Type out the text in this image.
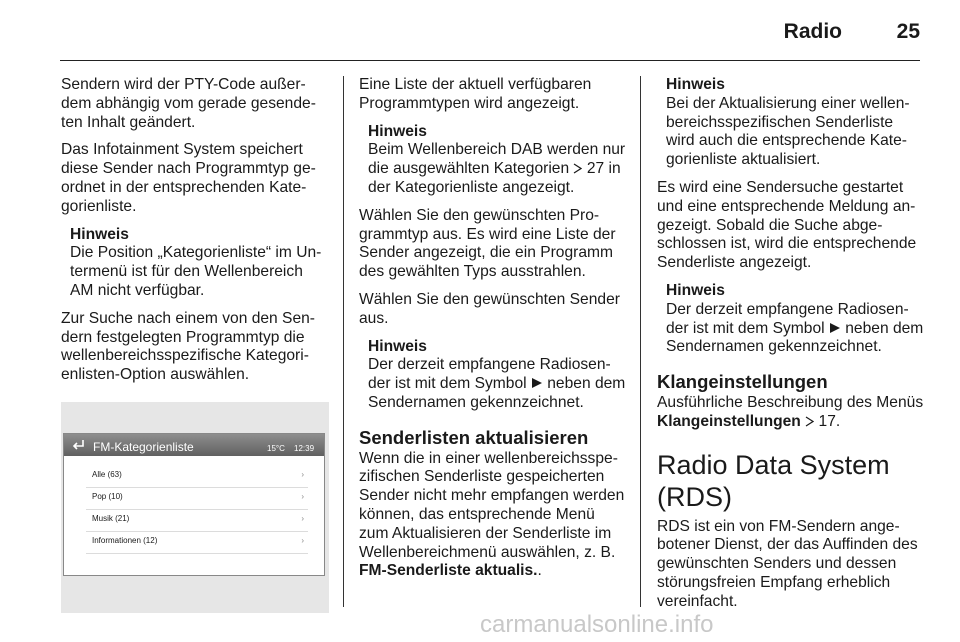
Radio	25

Sendern wird der PTY-Code außerdem abhängig vom gerade gesendeten Inhalt geändert.

Das Infotainment System speichert diese Sender nach Programmtyp geordnet in der entsprechenden Kategorienliste.

Hinweis
Die Position „Kategorienliste“ im Untermenü ist für den Wellenbereich AM nicht verfügbar.

Zur Suche nach einem von den Sendern festgelegten Programmtyp die wellenbereichsspezifische Kategorienlisten-Option auswählen.

FM-Kategorienliste	15°C 12:39
Alle (63)	›
Pop (10)	›
Musik (21)	›
Informationen (12)	›

Eine Liste der aktuell verfügbaren Programmtypen wird angezeigt.

Hinweis
Beim Wellenbereich DAB werden nur die ausgewählten Kategorien  27 in der Kategorienliste angezeigt.

Wählen Sie den gewünschten Programmtyp aus. Es wird eine Liste der Sender angezeigt, die ein Programm des gewählten Typs ausstrahlen.

Wählen Sie den gewünschten Sender aus.

Hinweis
Der derzeit empfangene Radiosender ist mit dem Symbol  neben dem Sendernamen gekennzeichnet.
Senderlisten aktualisieren

Wenn die in einer wellenbereichsspezifischen Senderliste gespeicherten Sender nicht mehr empfangen werden können, das entsprechende Menü zum Aktualisieren der Senderliste im Wellenbereichmenü auswählen, z. B. FM-Senderliste aktualis..

Hinweis
Bei der Aktualisierung einer wellenbereichsspezifischen Senderliste wird auch die entsprechende Kategorienliste aktualisiert.

Es wird eine Sendersuche gestartet und eine entsprechende Meldung angezeigt. Sobald die Suche abgeschlossen ist, wird die entsprechende Senderliste angezeigt.

Hinweis
Der derzeit empfangene Radiosender ist mit dem Symbol  neben dem Sendernamen gekennzeichnet.
Klangeinstellungen

Ausführliche Beschreibung des Menüs Klangeinstellungen 17.

Radio Data System (RDS)

RDS ist ein von FM-Sendern angebotener Dienst, der das Auffinden des gewünschten Senders und dessen störungsfreien Empfang erheblich vereinfacht.

carmanualsonline.info
